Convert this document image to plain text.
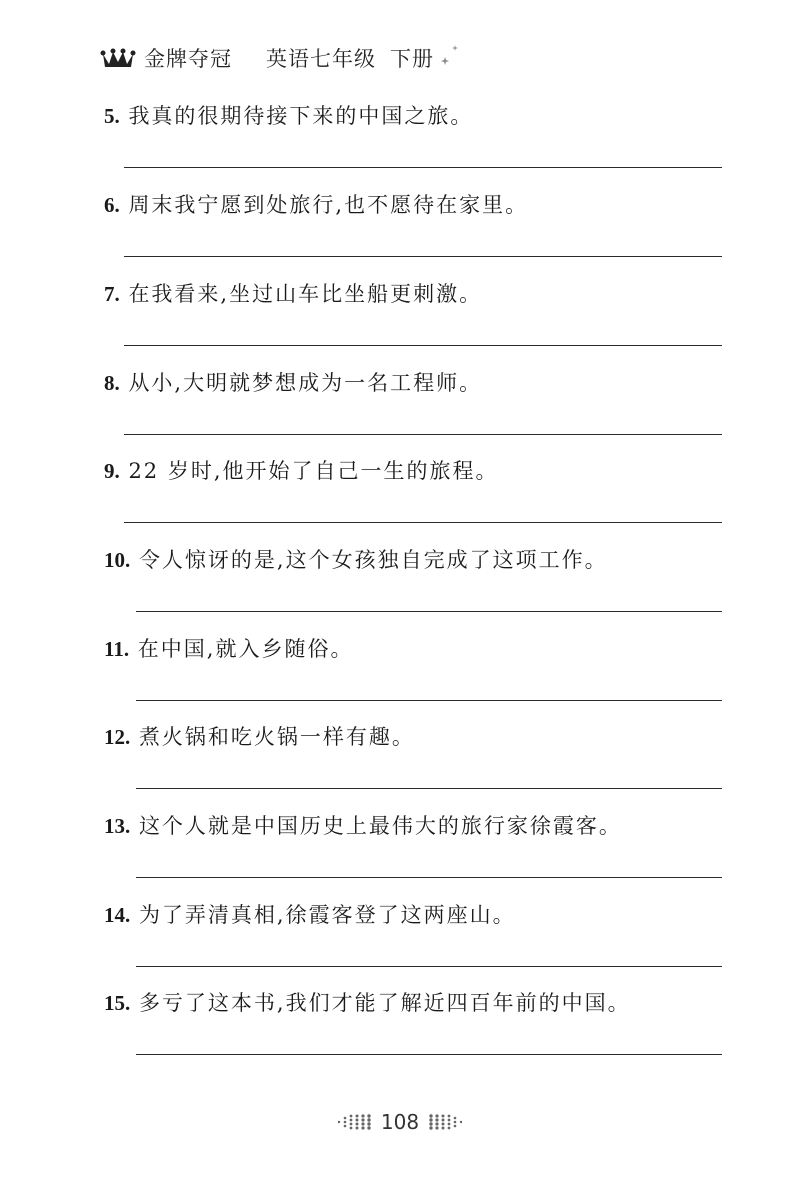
金牌夺冠 英语七年级 下册
5. 我真的很期待接下来的中国之旅。
6. 周末我宁愿到处旅行,也不愿待在家里。
7. 在我看来,坐过山车比坐船更刺激。
8. 从小,大明就梦想成为一名工程师。
9. 22 岁时,他开始了自己一生的旅程。
10. 令人惊讶的是,这个女孩独自完成了这项工作。
11. 在中国,就入乡随俗。
12. 煮火锅和吃火锅一样有趣。
13. 这个人就是中国历史上最伟大的旅行家徐霞客。
14. 为了弄清真相,徐霞客登了这两座山。
15. 多亏了这本书,我们才能了解近四百年前的中国。
108
